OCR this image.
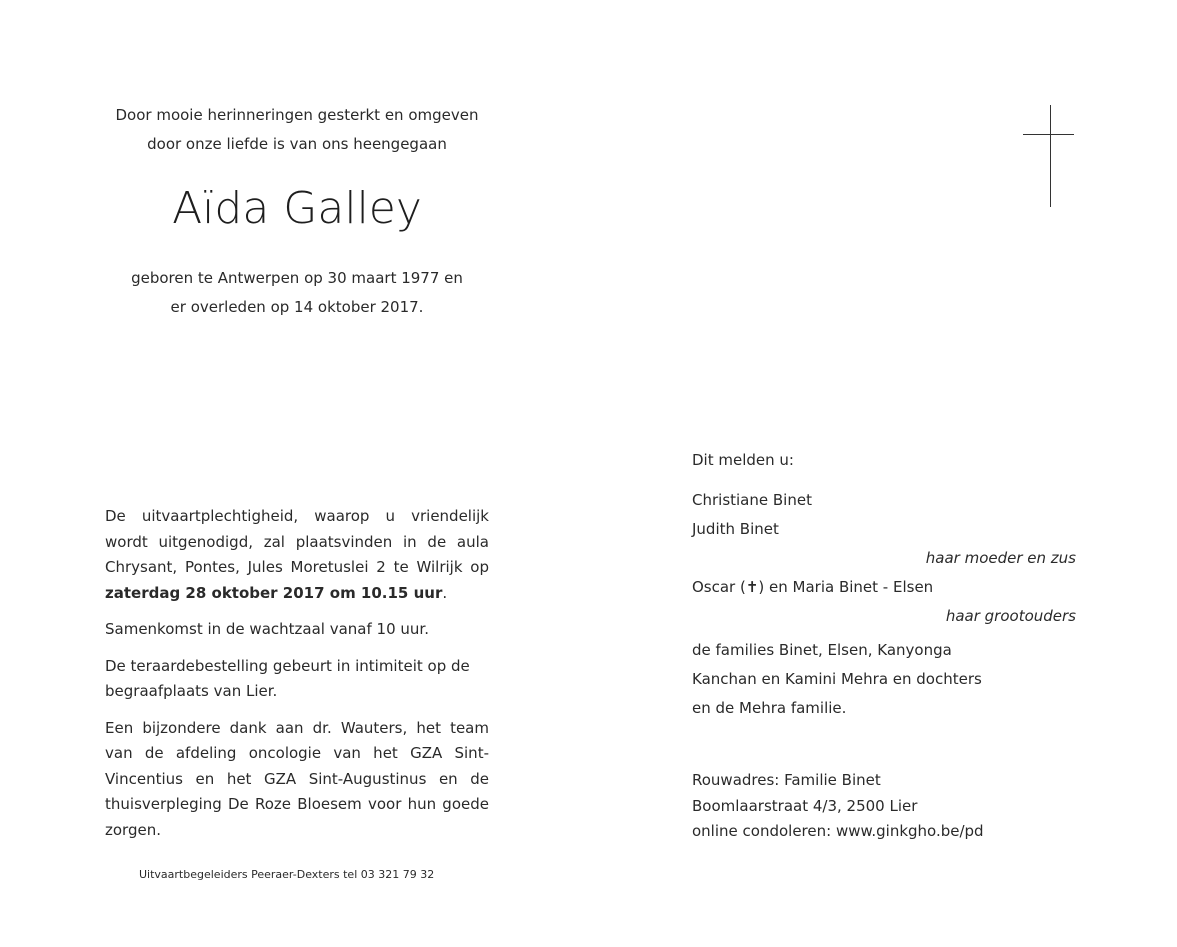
Door mooie herinneringen gesterkt en omgeven
door onze liefde is van ons heengegaan
Aïda Galley
geboren te Antwerpen op 30 maart 1977 en
er overleden op 14 oktober 2017.

De uitvaartplechtigheid, waarop u vriendelijk wordt uitgenodigd, zal plaatsvinden in de aula Chrysant, Pontes, Jules Moretuslei 2 te Wilrijk op zaterdag 28 oktober 2017 om 10.15 uur.

Samenkomst in de wachtzaal vanaf 10 uur.

De teraardebestelling gebeurt in intimiteit op de begraafplaats van Lier.

Een bijzondere dank aan dr. Wauters, het team van de afdeling oncologie van het GZA Sint-Vincentius en het GZA Sint-Augustinus en de thuisverpleging De Roze Bloesem voor hun goede zorgen.

Uitvaartbegeleiders Peeraer-Dexters tel 03 321 79 32
Dit melden u:
Christiane Binet
Judith Binet
haar moeder en zus
Oscar (✝) en Maria Binet - Elsen
haar grootouders
de families Binet, Elsen, Kanyonga
Kanchan en Kamini Mehra en dochters
en de Mehra familie.
Rouwadres: Familie Binet
Boomlaarstraat 4/3, 2500 Lier
online condoleren: www.ginkgho.be/pd
